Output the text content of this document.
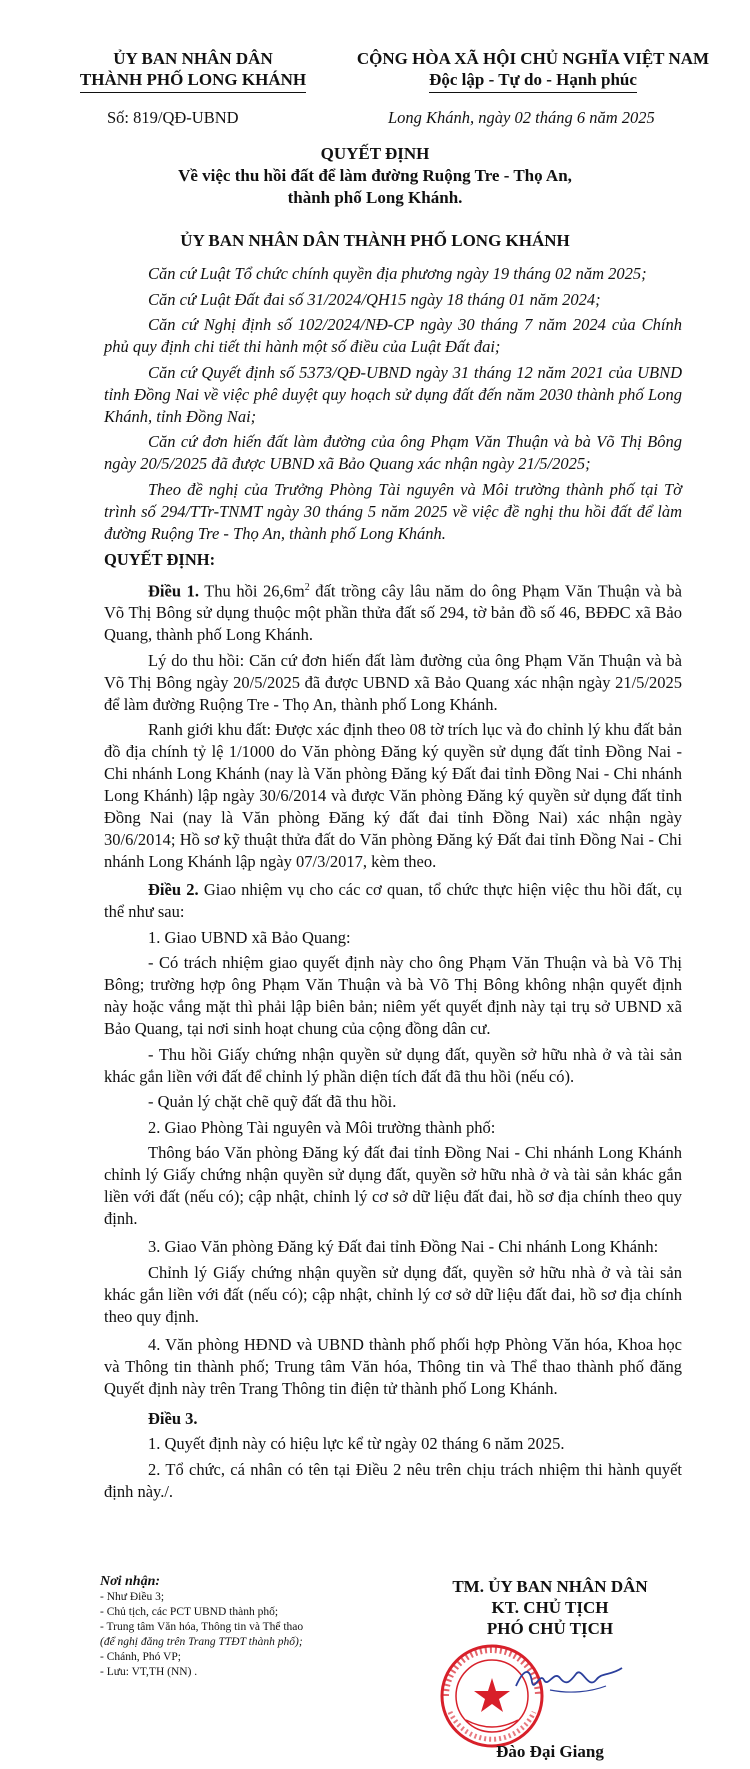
ỦY BAN NHÂN DÂN
THÀNH PHỐ LONG KHÁNH
CỘNG HÒA XÃ HỘI CHỦ NGHĨA VIỆT NAM
Độc lập - Tự do - Hạnh phúc
Số: 819/QĐ-UBND	Long Khánh, ngày 02 tháng 6 năm 2025
QUYẾT ĐỊNH
Về việc thu hồi đất để làm đường Ruộng Tre - Thọ An,
thành phố Long Khánh.
ỦY BAN NHÂN DÂN THÀNH PHỐ LONG KHÁNH

Căn cứ Luật Tổ chức chính quyền địa phương ngày 19 tháng 02 năm 2025;

Căn cứ Luật Đất đai số 31/2024/QH15 ngày 18 tháng 01 năm 2024;

Căn cứ Nghị định số 102/2024/NĐ-CP ngày 30 tháng 7 năm 2024 của Chính phủ quy định chi tiết thi hành một số điều của Luật Đất đai;

Căn cứ Quyết định số 5373/QĐ-UBND ngày 31 tháng 12 năm 2021 của UBND tỉnh Đồng Nai về việc phê duyệt quy hoạch sử dụng đất đến năm 2030 thành phố Long Khánh, tỉnh Đồng Nai;

Căn cứ đơn hiến đất làm đường của ông Phạm Văn Thuận và bà Võ Thị Bông ngày 20/5/2025 đã được UBND xã Bảo Quang xác nhận ngày 21/5/2025;

Theo đề nghị của Trưởng Phòng Tài nguyên và Môi trường thành phố tại Tờ trình số 294/TTr-TNMT ngày 30 tháng 5 năm 2025 về việc đề nghị thu hồi đất để làm đường Ruộng Tre - Thọ An, thành phố Long Khánh.

QUYẾT ĐỊNH:

Điều 1. Thu hồi $26,6m^2$ đất trồng cây lâu năm do ông Phạm Văn Thuận và bà Võ Thị Bông sử dụng thuộc một phần thửa đất số 294, tờ bản đồ số 46, BĐĐC xã Bảo Quang, thành phố Long Khánh.

Lý do thu hồi: Căn cứ đơn hiến đất làm đường của ông Phạm Văn Thuận và bà Võ Thị Bông ngày 20/5/2025 đã được UBND xã Bảo Quang xác nhận ngày 21/5/2025 để làm đường Ruộng Tre - Thọ An, thành phố Long Khánh.

Ranh giới khu đất: Được xác định theo 08 tờ trích lục và đo chỉnh lý khu đất bản đồ địa chính tỷ lệ 1/1000 do Văn phòng Đăng ký quyền sử dụng đất tỉnh Đồng Nai - Chi nhánh Long Khánh (nay là Văn phòng Đăng ký Đất đai tỉnh Đồng Nai - Chi nhánh Long Khánh) lập ngày 30/6/2014 và được Văn phòng Đăng ký quyền sử dụng đất tỉnh Đồng Nai (nay là Văn phòng Đăng ký đất đai tỉnh Đồng Nai) xác nhận ngày 30/6/2014; Hồ sơ kỹ thuật thửa đất do Văn phòng Đăng ký Đất đai tỉnh Đồng Nai - Chi nhánh Long Khánh lập ngày 07/3/2017, kèm theo.

Điều 2. Giao nhiệm vụ cho các cơ quan, tổ chức thực hiện việc thu hồi đất, cụ thể như sau:

1. Giao UBND xã Bảo Quang:

- Có trách nhiệm giao quyết định này cho ông Phạm Văn Thuận và bà Võ Thị Bông; trường hợp ông Phạm Văn Thuận và bà Võ Thị Bông không nhận quyết định này hoặc vắng mặt thì phải lập biên bản; niêm yết quyết định này tại trụ sở UBND xã Bảo Quang, tại nơi sinh hoạt chung của cộng đồng dân cư.

- Thu hồi Giấy chứng nhận quyền sử dụng đất, quyền sở hữu nhà ở và tài sản khác gắn liền với đất để chỉnh lý phần diện tích đất đã thu hồi (nếu có).

- Quản lý chặt chẽ quỹ đất đã thu hồi.

2. Giao Phòng Tài nguyên và Môi trường thành phố:

Thông báo Văn phòng Đăng ký đất đai tỉnh Đồng Nai - Chi nhánh Long Khánh chỉnh lý Giấy chứng nhận quyền sử dụng đất, quyền sở hữu nhà ở và tài sản khác gắn liền với đất (nếu có); cập nhật, chỉnh lý cơ sở dữ liệu đất đai, hồ sơ địa chính theo quy định.

3. Giao Văn phòng Đăng ký Đất đai tỉnh Đồng Nai - Chi nhánh Long Khánh:

Chỉnh lý Giấy chứng nhận quyền sử dụng đất, quyền sở hữu nhà ở và tài sản khác gắn liền với đất (nếu có); cập nhật, chỉnh lý cơ sở dữ liệu đất đai, hồ sơ địa chính theo quy định.

4. Văn phòng HĐND và UBND thành phố phối hợp Phòng Văn hóa, Khoa học và Thông tin thành phố; Trung tâm Văn hóa, Thông tin và Thể thao thành phố đăng Quyết định này trên Trang Thông tin điện tử thành phố Long Khánh.

Điều 3.

1. Quyết định này có hiệu lực kể từ ngày 02 tháng 6 năm 2025.

2. Tổ chức, cá nhân có tên tại Điều 2 nêu trên chịu trách nhiệm thi hành quyết định này./.

Nơi nhận:
- Như Điều 3;
- Chủ tịch, các PCT UBND thành phố;
- Trung tâm Văn hóa, Thông tin và Thể thao
(để nghị đăng trên Trang TTĐT thành phố);
- Chánh, Phó VP;
- Lưu: VT,TH (NN) .
TM. ỦY BAN NHÂN DÂN
KT. CHỦ TỊCH
PHÓ CHỦ TỊCH
Đào Đại Giang
